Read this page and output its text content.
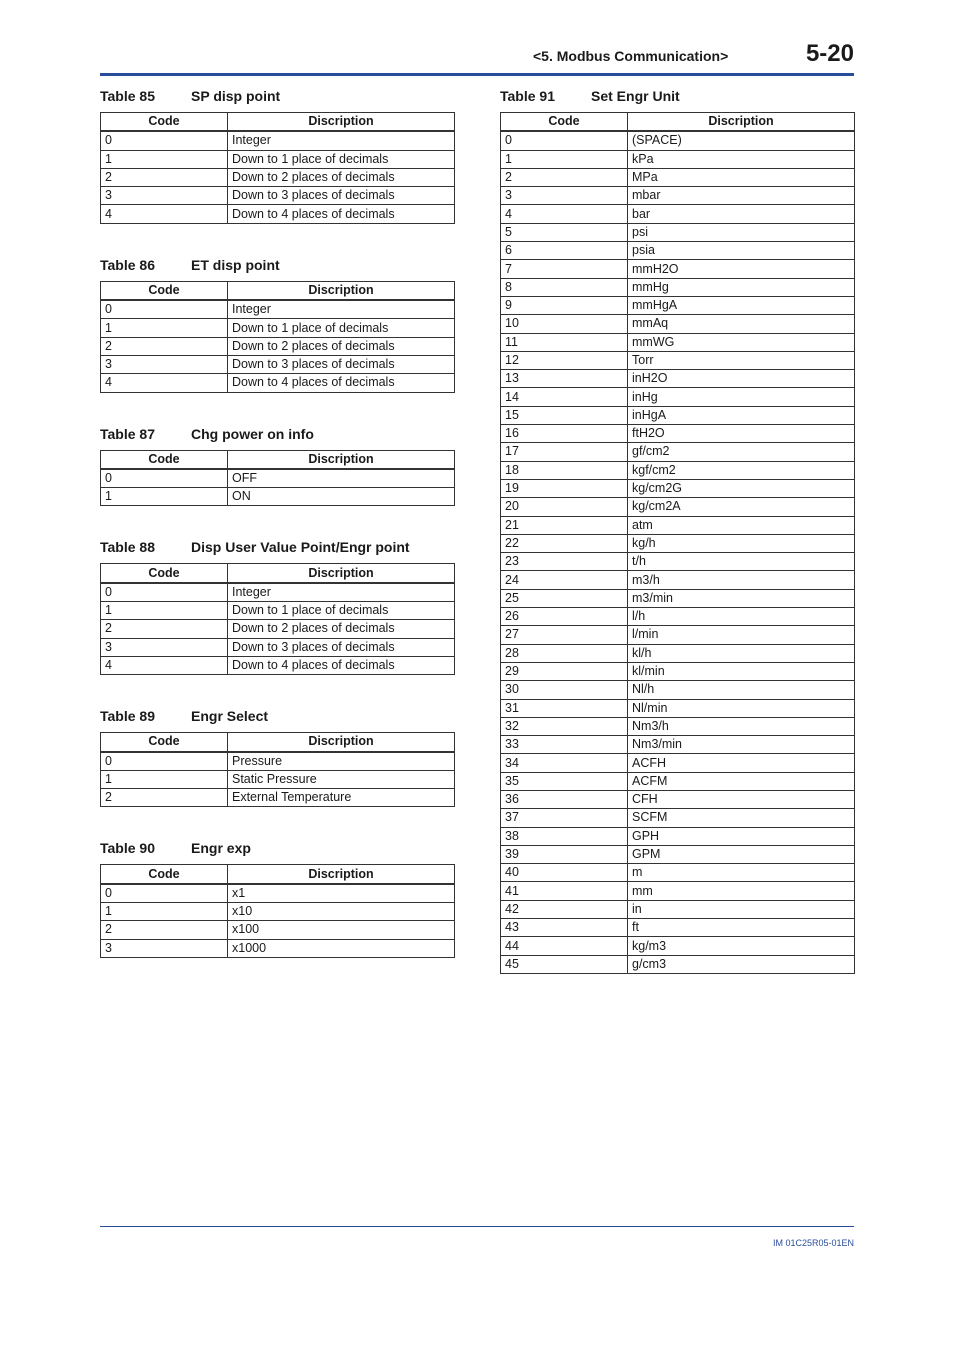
<5. Modbus Communication>	5-20
Table 85	SP disp point
Code	Discription
0	Integer
1	Down to 1 place of decimals
2	Down to 2 places of decimals
3	Down to 3 places of decimals
4	Down to 4 places of decimals
Table 86	ET disp point
Code	Discription
0	Integer
1	Down to 1 place of decimals
2	Down to 2 places of decimals
3	Down to 3 places of decimals
4	Down to 4 places of decimals
Table 87	Chg power on info
Code	Discription
0	OFF
1	ON
Table 88	Disp User Value Point/Engr point
Code	Discription
0	Integer
1	Down to 1 place of decimals
2	Down to 2 places of decimals
3	Down to 3 places of decimals
4	Down to 4 places of decimals
Table 89	Engr Select
Code	Discription
0	Pressure
1	Static Pressure
2	External Temperature
Table 90	Engr exp
Code	Discription
0	x1
1	x10
2	x100
3	x1000
Table 91	Set Engr Unit
Code	Discription
0	(SPACE)
1	kPa
2	MPa
3	mbar
4	bar
5	psi
6	psia
7	mmH2O
8	mmHg
9	mmHgA
10	mmAq
11	mmWG
12	Torr
13	inH2O
14	inHg
15	inHgA
16	ftH2O
17	gf/cm2
18	kgf/cm2
19	kg/cm2G
20	kg/cm2A
21	atm
22	kg/h
23	t/h
24	m3/h
25	m3/min
26	l/h
27	l/min
28	kl/h
29	kl/min
30	Nl/h
31	Nl/min
32	Nm3/h
33	Nm3/min
34	ACFH
35	ACFM
36	CFH
37	SCFM
38	GPH
39	GPM
40	m
41	mm
42	in
43	ft
44	kg/m3
45	g/cm3
IM 01C25R05-01EN
